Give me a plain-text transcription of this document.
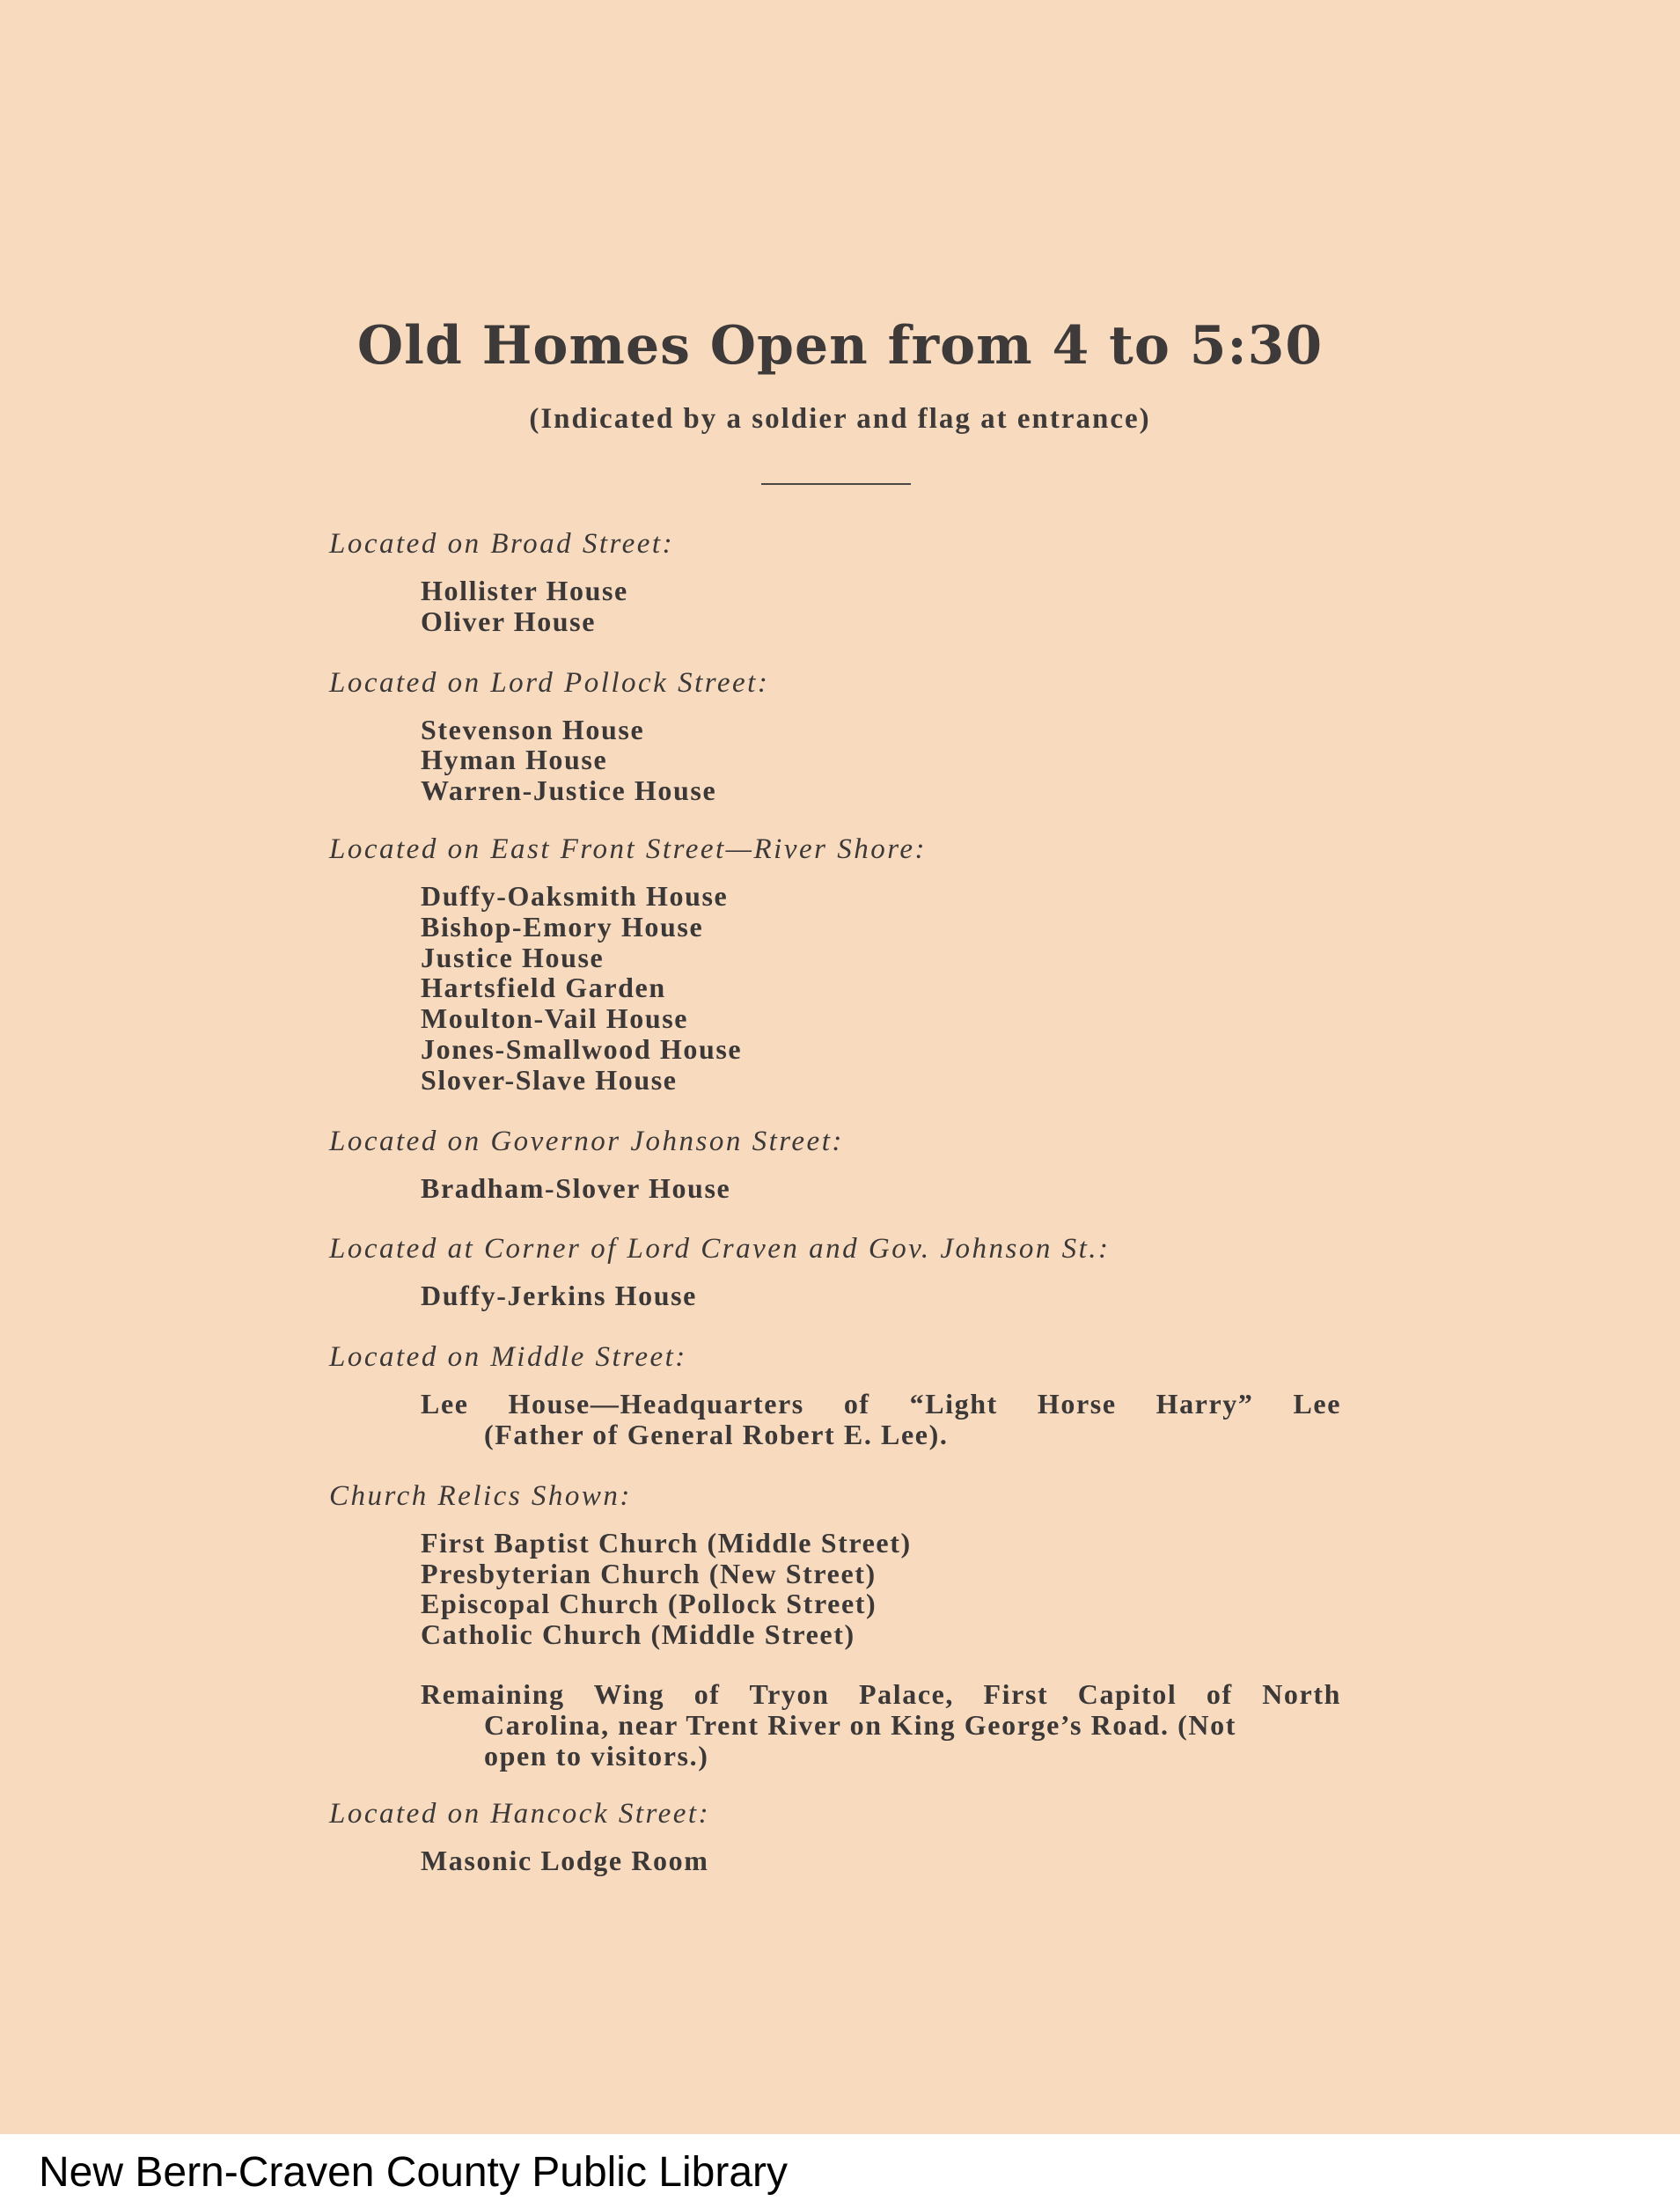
Old Homes Open from 4 to 5:30
(Indicated by a soldier and flag at entrance)
Located on Broad Street:
Hollister House
Oliver House
Located on Lord Pollock Street:
Stevenson House
Hyman House
Warren-Justice House
Located on East Front Street—River Shore:
Duffy-Oaksmith House
Bishop-Emory House
Justice House
Hartsfield Garden
Moulton-Vail House
Jones-Smallwood House
Slover-Slave House
Located on Governor Johnson Street:
Bradham-Slover House
Located at Corner of Lord Craven and Gov. Johnson St.:
Duffy-Jerkins House
Located on Middle Street:
Lee House—Headquarters of “Light Horse Harry” Lee
(Father of General Robert E. Lee).
Church Relics Shown:
First Baptist Church (Middle Street)
Presbyterian Church (New Street)
Episcopal Church (Pollock Street)
Catholic Church (Middle Street)
Remaining Wing of Tryon Palace, First Capitol of North
Carolina, near Trent River on King George’s Road. (Not
open to visitors.)
Located on Hancock Street:
Masonic Lodge Room
New Bern-Craven County Public Library
